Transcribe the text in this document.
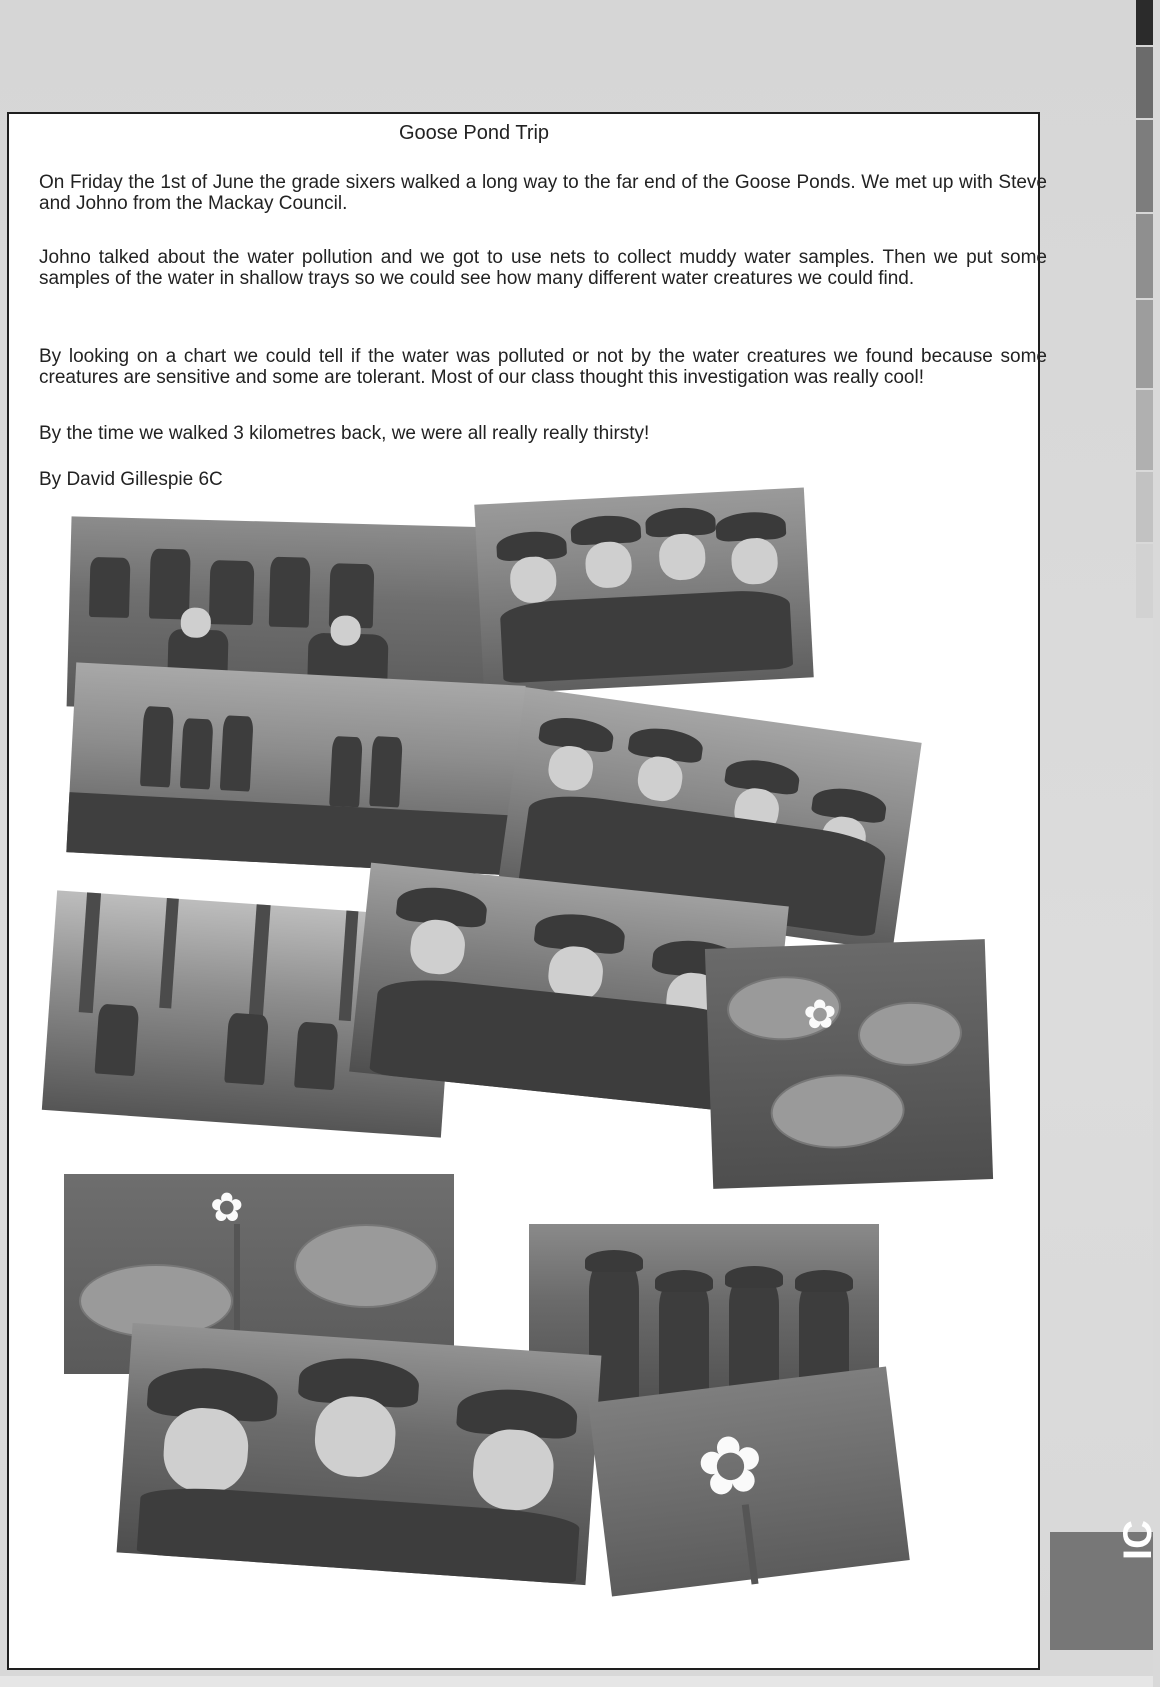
IC
Goose Pond Trip

On Friday the 1st of June the grade sixers walked a long way to the far end of the Goose Ponds. We met up with Steve and Johno from the Mackay Council.

Johno talked about the water pollution and we got to use nets to collect muddy water samples. Then we put some samples of the water in shallow trays so we could see how many different water creatures we could find.

By looking on a chart we could tell if the water was polluted or not by the water creatures we found because some creatures are sensitive and some are tolerant. Most of our class thought this investigation was really cool!

By the time we walked 3 kilometres back, we were all really really thirsty!

By David Gillespie 6C

✿
✿
✿
